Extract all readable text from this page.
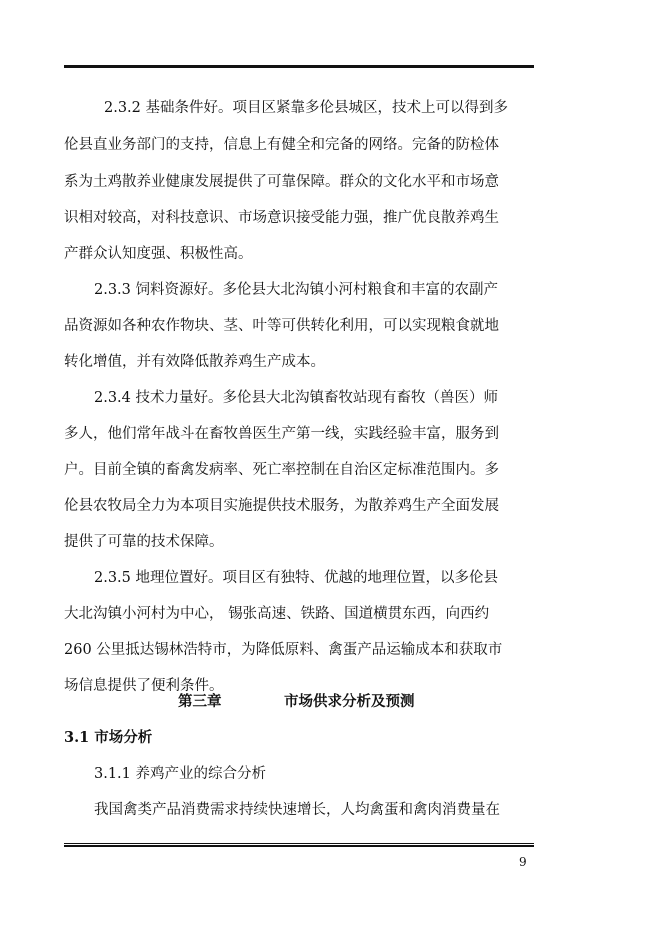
2.3.2 基础条件好。项目区紧靠多伦县城区，技术上可以得到多
伦县直业务部门的支持，信息上有健全和完备的网络。完备的防检体
系为土鸡散养业健康发展提供了可靠保障。群众的文化水平和市场意
识相对较高，对科技意识、市场意识接受能力强，推广优良散养鸡生
产群众认知度强、积极性高。
2.3.3 饲料资源好。多伦县大北沟镇小河村粮食和丰富的农副产
品资源如各种农作物块、茎、叶等可供转化利用，可以实现粮食就地
转化增值，并有效降低散养鸡生产成本。
2.3.4 技术力量好。多伦县大北沟镇畜牧站现有畜牧（兽医）师
多人，他们常年战斗在畜牧兽医生产第一线，实践经验丰富，服务到
户。目前全镇的畜禽发病率、死亡率控制在自治区定标准范围内。多
伦县农牧局全力为本项目实施提供技术服务，为散养鸡生产全面发展
提供了可靠的技术保障。
2.3.5 地理位置好。项目区有独特、优越的地理位置，以多伦县
大北沟镇小河村为中心， 锡张高速、铁路、国道横贯东西，向西约
260 公里抵达锡林浩特市，为降低原料、禽蛋产品运输成本和获取市
场信息提供了便利条件。
第三章	市场供求分析及预测
3.1 市场分析
3.1.1 养鸡产业的综合分析
我国禽类产品消费需求持续快速增长，人均禽蛋和禽肉消费量在
9
